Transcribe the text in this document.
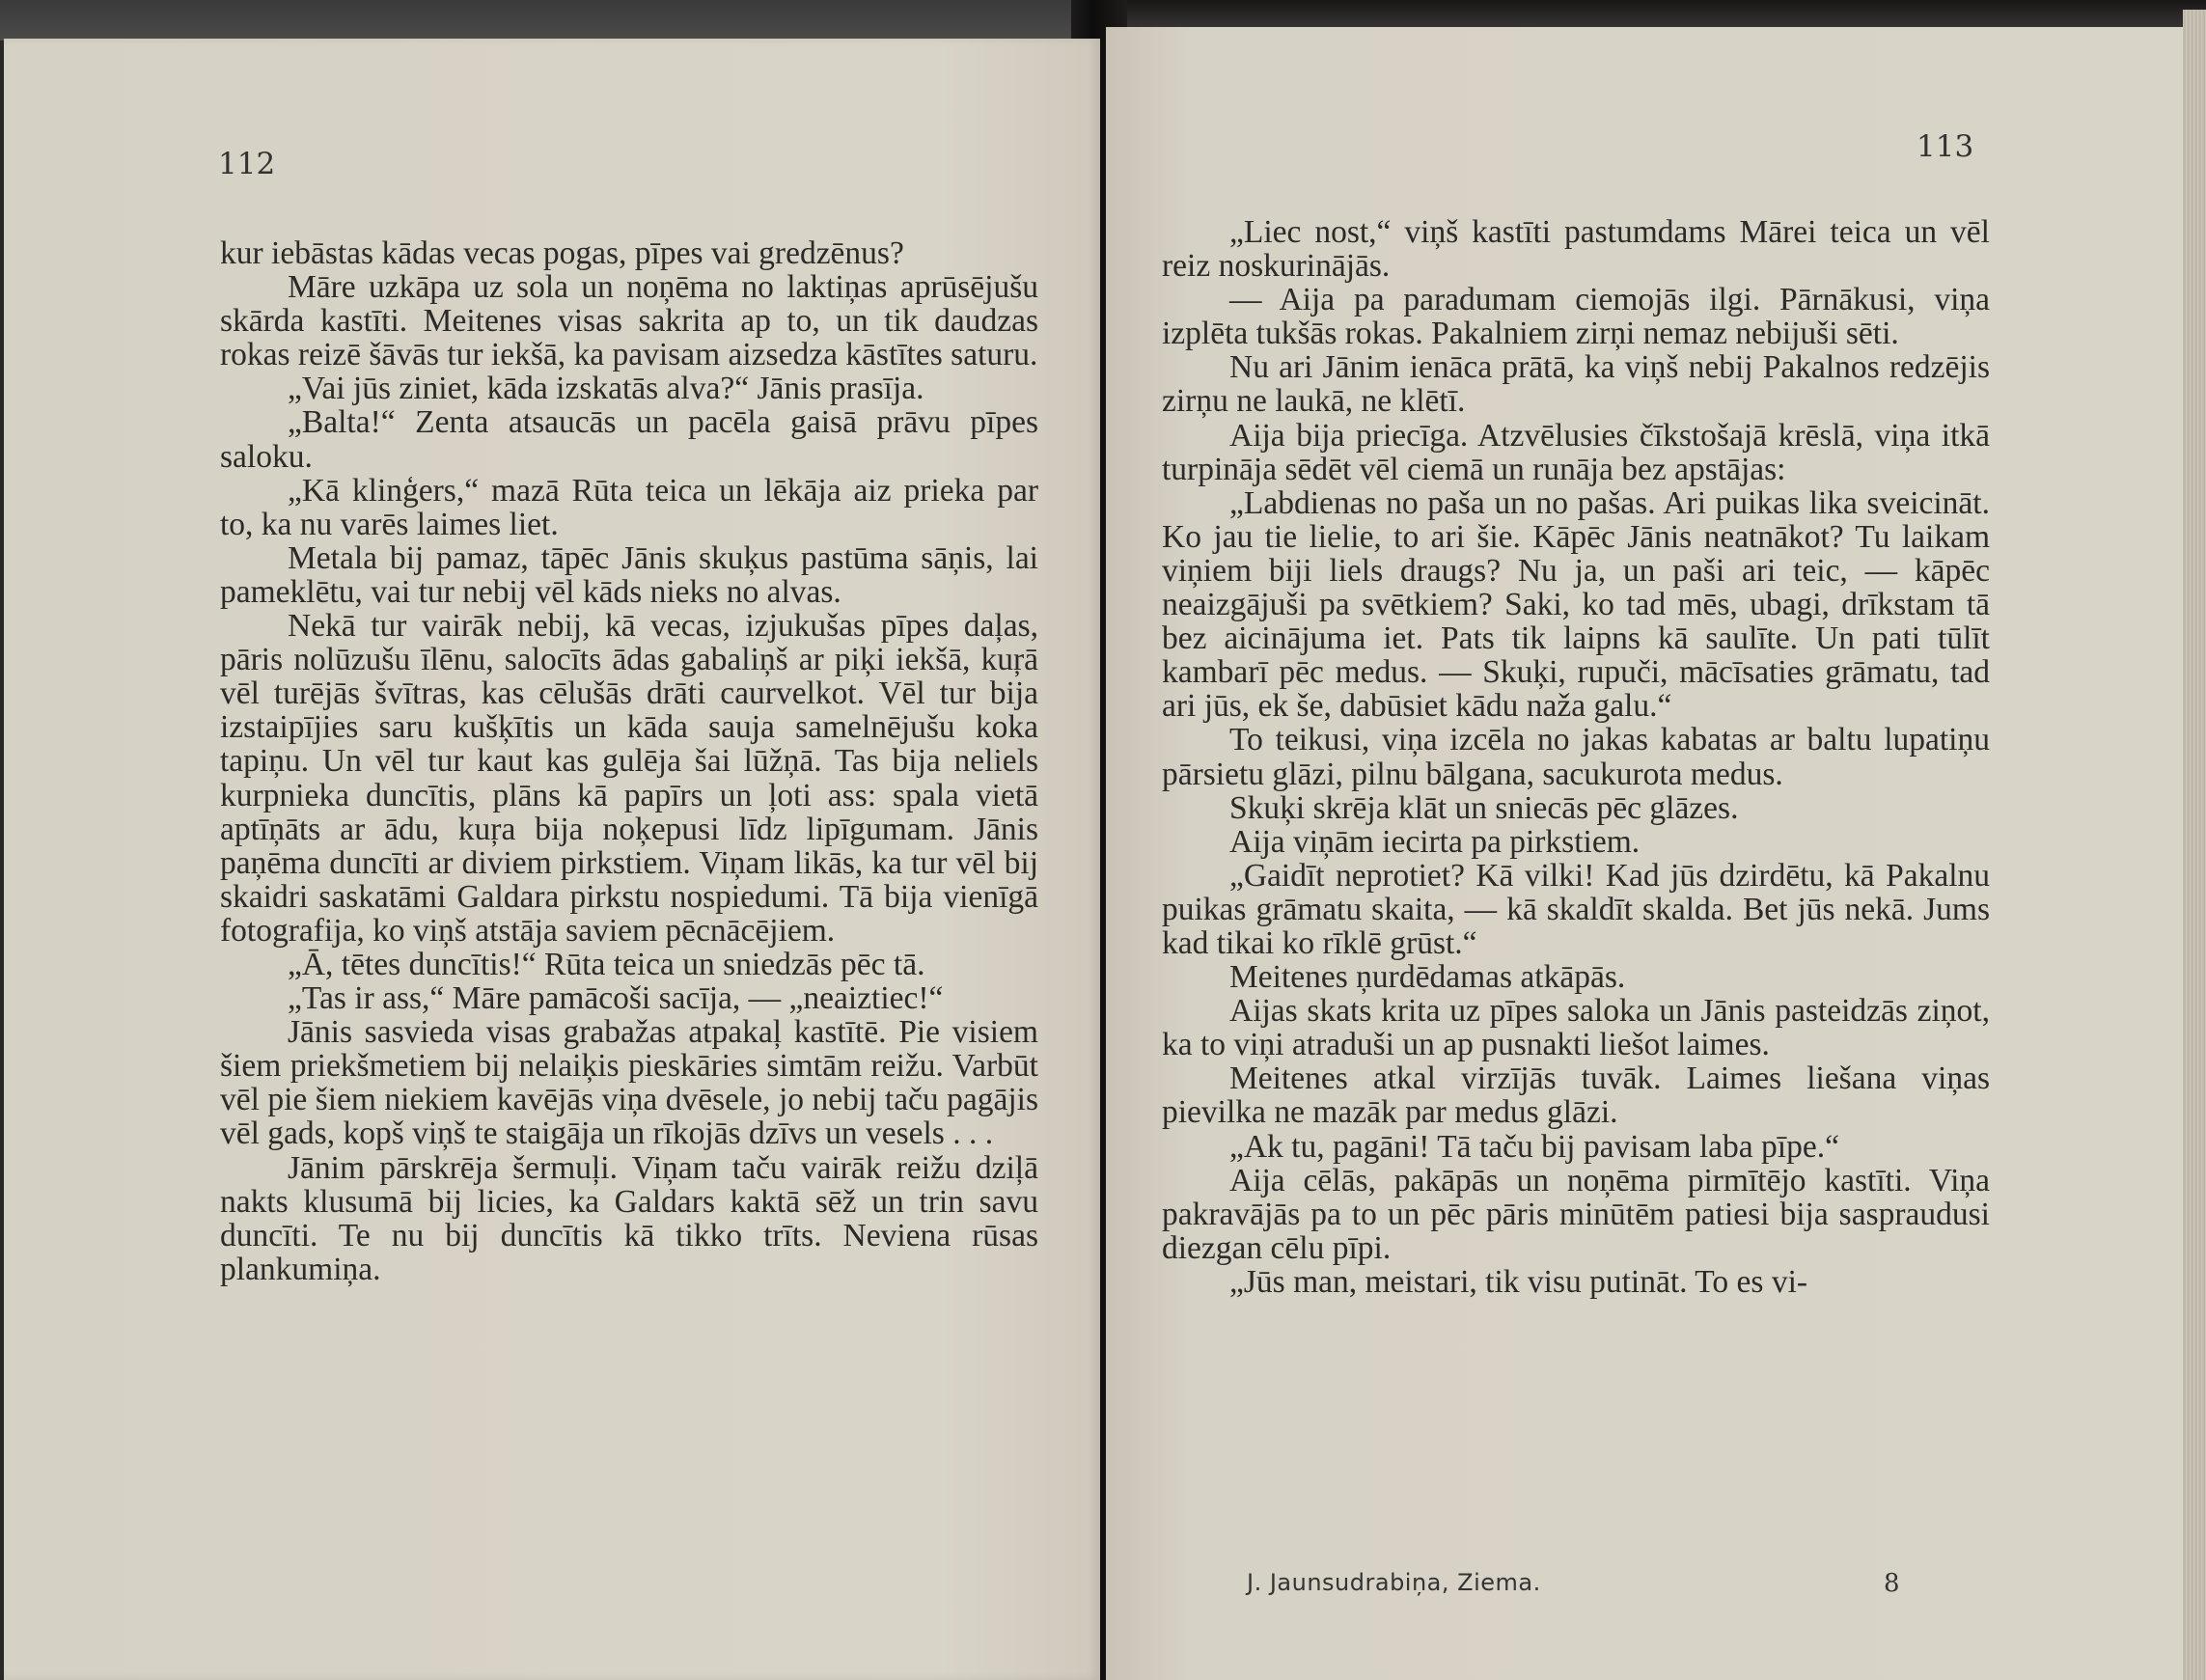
112

kur iebāstas kādas vecas pogas, pīpes vai gredzēnus?

Māre uzkāpa uz sola un noņēma no laktiņas aprūsējušu skārda kastīti. Meitenes visas sakrita ap to, un tik daudzas rokas reizē šāvās tur iekšā, ka pavisam aizsedza kāstītes saturu.

„Vai jūs ziniet, kāda izskatās alva?“ Jānis prasīja.

„Balta!“ Zenta atsaucās un pacēla gaisā prāvu pīpes saloku.

„Kā klinģers,“ mazā Rūta teica un lēkāja aiz prieka par to, ka nu varēs laimes liet.

Metala bij pamaz, tāpēc Jānis skuķus pastūma sāņis, lai pameklētu, vai tur nebij vēl kāds nieks no alvas.

Nekā tur vairāk nebij, kā vecas, izjukušas pīpes daļas, pāris nolūzušu īlēnu, salocīts ādas gabaliņš ar piķi iekšā, kuŗā vēl turējās švītras, kas cēlušās drāti caurvelkot. Vēl tur bija izstaipījies saru kušķītis un kāda sauja samelnējušu koka tapiņu. Un vēl tur kaut kas gulēja šai lūžņā. Tas bija neliels kurpnieka duncītis, plāns kā papīrs un ļoti ass: spala vietā aptīņāts ar ādu, kuŗa bija noķepusi līdz lipīgumam. Jānis paņēma duncīti ar diviem pirkstiem. Viņam likās, ka tur vēl bij skaidri saskatāmi Galdara pirkstu nospiedumi. Tā bija vienīgā fotografija, ko viņš atstāja saviem pēcnācējiem.

„Ā, tētes duncītis!“ Rūta teica un sniedzās pēc tā.

„Tas ir ass,“ Māre pamācoši sacīja, — „neaiztiec!“

Jānis sasvieda visas grabažas atpakaļ kastītē. Pie visiem šiem priekšmetiem bij nelaiķis pieskāries simtām reižu. Varbūt vēl pie šiem niekiem kavējās viņa dvēsele, jo nebij taču pagājis vēl gads, kopš viņš te staigāja un rīkojās dzīvs un vesels . . .

Jānim pārskrēja šermuļi. Viņam taču vairāk reižu dziļā nakts klusumā bij licies, ka Galdars kaktā sēž un trin savu duncīti. Te nu bij duncītis kā tikko trīts. Neviena rūsas plankumiņa.

113

„Liec nost,“ viņš kastīti pastumdams Mārei teica un vēl reiz noskurinājās.

— Aija pa paradumam ciemojās ilgi. Pārnākusi, viņa izplēta tukšās rokas. Pakalniem zirņi nemaz nebijuši sēti.

Nu ari Jānim ienāca prātā, ka viņš nebij Pakalnos redzējis zirņu ne laukā, ne klētī.

Aija bija priecīga. Atzvēlusies čīkstošajā krēslā, viņa itkā turpināja sēdēt vēl ciemā un runāja bez apstājas:

„Labdienas no paša un no pašas. Ari puikas lika sveicināt. Ko jau tie lielie, to ari šie. Kāpēc Jānis neatnākot? Tu laikam viņiem biji liels draugs? Nu ja, un paši ari teic, — kāpēc neaizgājuši pa svētkiem? Saki, ko tad mēs, ubagi, drīkstam tā bez aicinājuma iet. Pats tik laipns kā saulīte. Un pati tūlīt kambarī pēc medus. — Skuķi, rupuči, mācīsaties grāmatu, tad ari jūs, ek še, dabūsiet kādu naža galu.“

To teikusi, viņa izcēla no jakas kabatas ar baltu lupatiņu pārsietu glāzi, pilnu bālgana, sacukurota medus.

Skuķi skrēja klāt un sniecās pēc glāzes.

Aija viņām iecirta pa pirkstiem.

„Gaidīt neprotiet? Kā vilki! Kad jūs dzirdētu, kā Pakalnu puikas grāmatu skaita, — kā skaldīt skalda. Bet jūs nekā. Jums kad tikai ko rīklē grūst.“

Meitenes ņurdēdamas atkāpās.

Aijas skats krita uz pīpes saloka un Jānis pasteidzās ziņot, ka to viņi atraduši un ap pusnakti liešot laimes.

Meitenes atkal virzījās tuvāk. Laimes liešana viņas pievilka ne mazāk par medus glāzi.

„Ak tu, pagāni! Tā taču bij pavisam laba pīpe.“

Aija cēlās, pakāpās un noņēma pirmītējo kastīti. Viņa pakravājās pa to un pēc pāris minūtēm patiesi bija saspraudusi diezgan cēlu pīpi.

„Jūs man, meistari, tik visu putināt. To es vi-

J. Jaunsudrabiņa, Ziema.	8
